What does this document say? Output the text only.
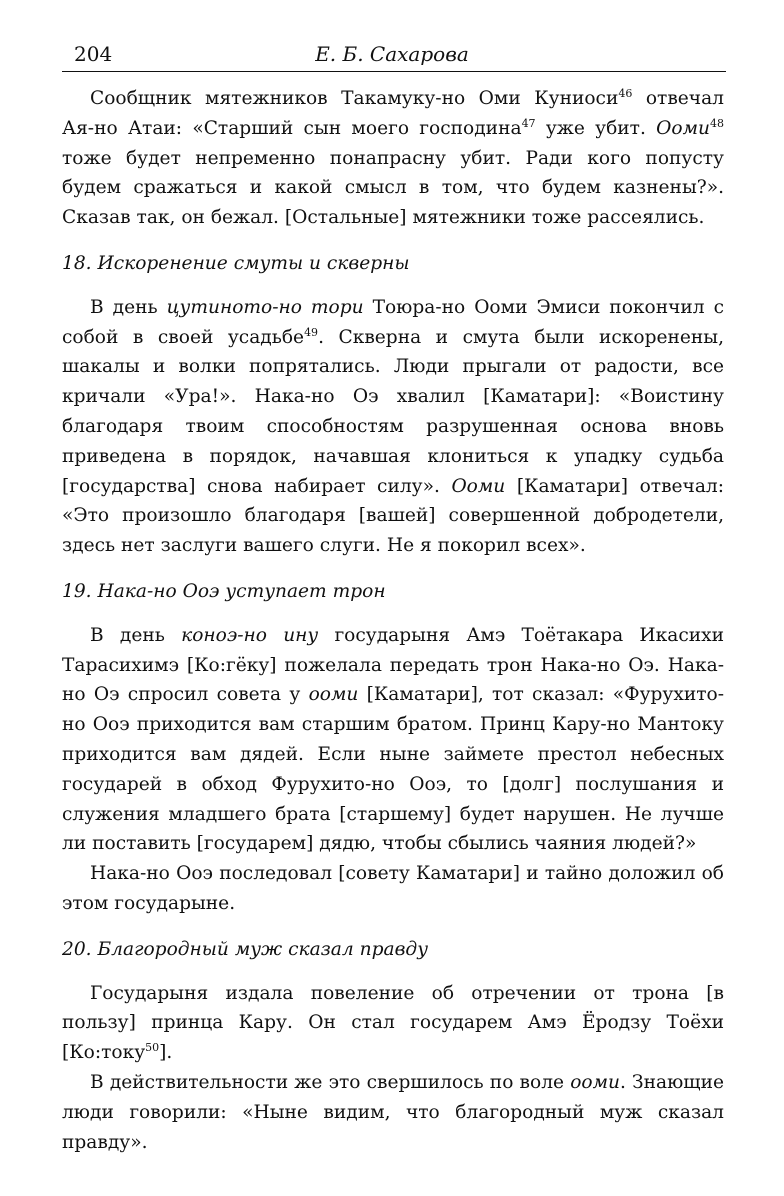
204	Е. Б. Сахарова

Сообщник мятежников Такамуку-но Оми Куниоси$^{46}$ отвечал Ая-но Атаи: «Старший сын моего господина$^{47}$ уже убит. Ооми$^{48}$ тоже будет непременно понапрасну убит. Ради кого попусту будем сражаться и какой смысл в том, что будем казнены?». Сказав так, он бежал. [Остальные] мятежники тоже рассеялись.

18. Искоренение смуты и скверны

В день цутиното-но тори Тоюра-но Ооми Эмиси покончил с собой в своей усадьбе$^{49}$. Скверна и смута были искоренены, шакалы и волки попрятались. Люди прыгали от радости, все кричали «Ура!». Нака-но Оэ хвалил [Каматари]: «Воистину благодаря твоим способностям разрушенная основа вновь приведена в порядок, начавшая клониться к упадку судьба [государства] снова набирает силу». Ооми [Каматари] отвечал: «Это произошло благодаря [вашей] совершенной добродетели, здесь нет заслуги вашего слуги. Не я покорил всех».

19. Нака-но Ооэ уступает трон

В день коноэ-но ину государыня Амэ Тоётакара Икасихи Тарасихимэ [Ко:гёку] пожелала передать трон Нака-но Оэ. Нака-но Оэ спросил совета у ооми [Каматари], тот сказал: «Фурухито-но Ооэ приходится вам старшим братом. Принц Кару-но Мантоку приходится вам дядей. Если ныне займете престол небесных государей в обход Фурухито-но Ооэ, то [долг] послушания и служения младшего брата [старшему] будет нарушен. Не лучше ли поставить [государем] дядю, чтобы сбылись чаяния людей?»

Нака-но Ооэ последовал [совету Каматари] и тайно доложил об этом государыне.

20. Благородный муж сказал правду

Государыня издала повеление об отречении от трона [в пользу] принца Кару. Он стал государем Амэ Ёродзу Тоёхи [Ко:току$^{50}$].

В действительности же это свершилось по воле ооми. Знающие люди говорили: «Ныне видим, что благородный муж сказал правду».
